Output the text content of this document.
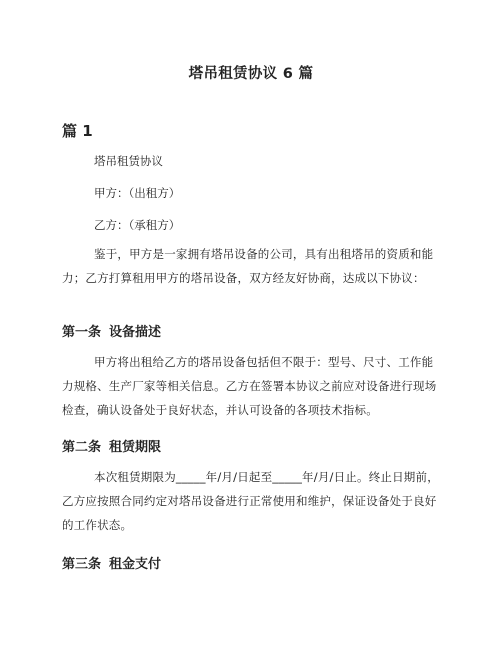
塔吊租赁协议 6 篇
篇 1
塔吊租赁协议
甲方：（出租方）
乙方：（承租方）
鉴于，甲方是一家拥有塔吊设备的公司，具有出租塔吊的资质和能力；乙方打算租用甲方的塔吊设备，双方经友好协商，达成以下协议：
第一条 设备描述
甲方将出租给乙方的塔吊设备包括但不限于：型号、尺寸、工作能力规格、生产厂家等相关信息。乙方在签署本协议之前应对设备进行现场检查，确认设备处于良好状态，并认可设备的各项技术指标。
第二条 租赁期限
本次租赁期限为_____年/月/日起至_____年/月/日止。终止日期前，乙方应按照合同约定对塔吊设备进行正常使用和维护，保证设备处于良好的工作状态。
第三条 租金支付
